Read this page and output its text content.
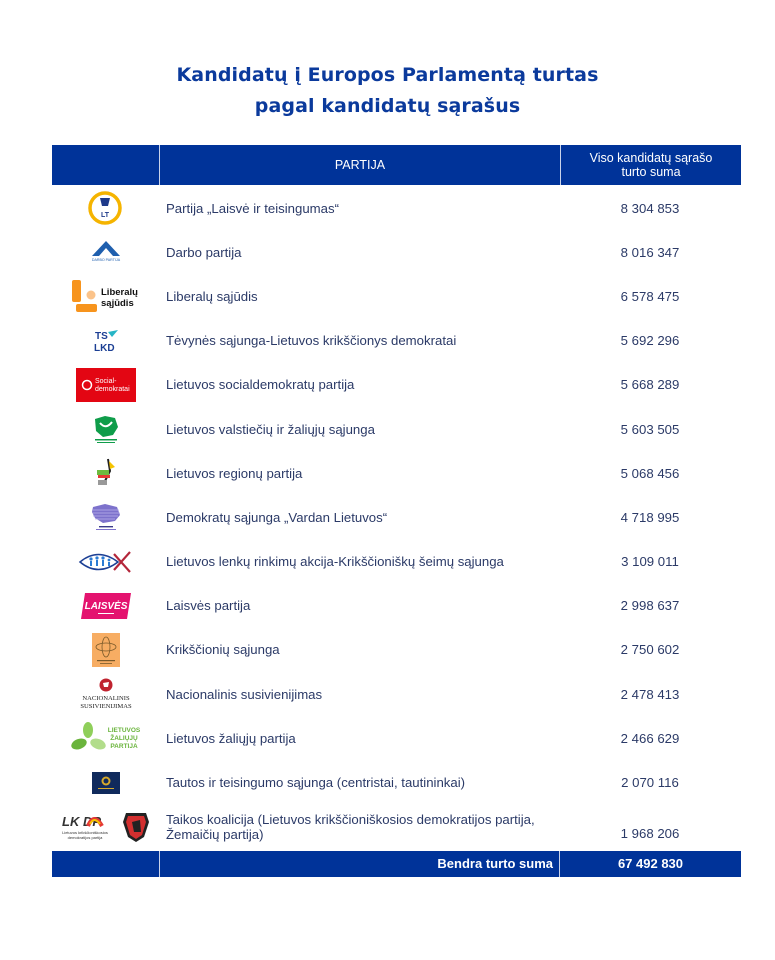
Kandidatų į Europos Parlamentą turtas
pagal kandidatų sąrašus
PARTIJA	Viso kandidatų sąrašo
turto suma
LT	Partija „Laisvė ir teisingumas“	8 304 853
DARBO PARTIJA
Darbo partija	8 016 347
Liberalų
sąjūdis	Liberalų sąjūdis	6 578 475
TS
LKD	Tėvynės sąjunga-Lietuvos krikščionys demokratai	5 692 296
Social-
demokratai	Lietuvos socialdemokratų partija	5 668 289
Lietuvos valstiečių ir žaliųjų sąjunga	5 603 505
Lietuvos regionų partija	5 068 456
Demokratų sąjunga „Vardan Lietuvos“	4 718 995
Lietuvos lenkų rinkimų akcija-Krikščioniškų šeimų sąjunga	3 109 011
LAISVĖS	Laisvės partija	2 998 637
Krikščionių sąjunga	2 750 602
NACIONALINIS
SUSIVIENIJIMAS
Nacionalinis susivienijimas	2 478 413
LIETUVOS
ŽALIŲJŲ
PARTIJA
Lietuvos žaliųjų partija	2 466 629
Tautos ir teisingumo sąjunga (centristai, tautininkai)	2 070 116
LK DP
Lietuvos krikščioniškosios
demokratijos partija
Taikos koalicija (Lietuvos krikščioniškosios demokratijos partija, Žemaičių partija)	1 968 206
Bendra turto suma	67 492 830
